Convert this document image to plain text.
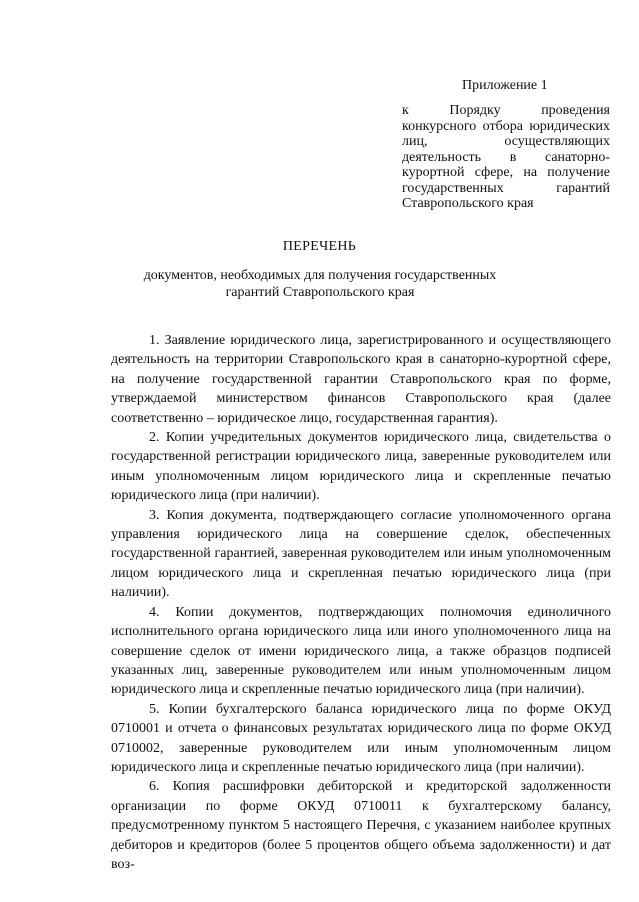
Приложение 1
к Порядку проведения конкурсного отбора юридических лиц, осуществляющих деятельность в санаторно-курортной сфере, на получение государственных гарантий Ставропольского края
ПЕРЕЧЕНЬ
документов, необходимых для получения государственных гарантий Ставропольского края

1. Заявление юридического лица, зарегистрированного и осуществляющего деятельность на территории Ставропольского края в санаторно-курортной сфере, на получение государственной гарантии Ставропольского края по форме, утверждаемой министерством финансов Ставропольского края (далее соответственно – юридическое лицо, государственная гарантия).

2. Копии учредительных документов юридического лица, свидетельства о государственной регистрации юридического лица, заверенные руководителем или иным уполномоченным лицом юридического лица и скрепленные печатью юридического лица (при наличии).

3. Копия документа, подтверждающего согласие уполномоченного органа управления юридического лица на совершение сделок, обеспеченных государственной гарантией, заверенная руководителем или иным уполномоченным лицом юридического лица и скрепленная печатью юридического лица (при наличии).

4. Копии документов, подтверждающих полномочия единоличного исполнительного органа юридического лица или иного уполномоченного лица на совершение сделок от имени юридического лица, а также образцов подписей указанных лиц, заверенные руководителем или иным уполномоченным лицом юридического лица и скрепленные печатью юридического лица (при наличии).

5. Копии бухгалтерского баланса юридического лица по форме ОКУД 0710001 и отчета о финансовых результатах юридического лица по форме ОКУД 0710002, заверенные руководителем или иным уполномоченным лицом юридического лица и скрепленные печатью юридического лица (при наличии).

6. Копия расшифровки дебиторской и кредиторской задолженности организации по форме ОКУД 0710011 к бухгалтерскому балансу, предусмотренному пунктом 5 настоящего Перечня, с указанием наиболее крупных дебиторов и кредиторов (более 5 процентов общего объема задолженности) и дат воз-
